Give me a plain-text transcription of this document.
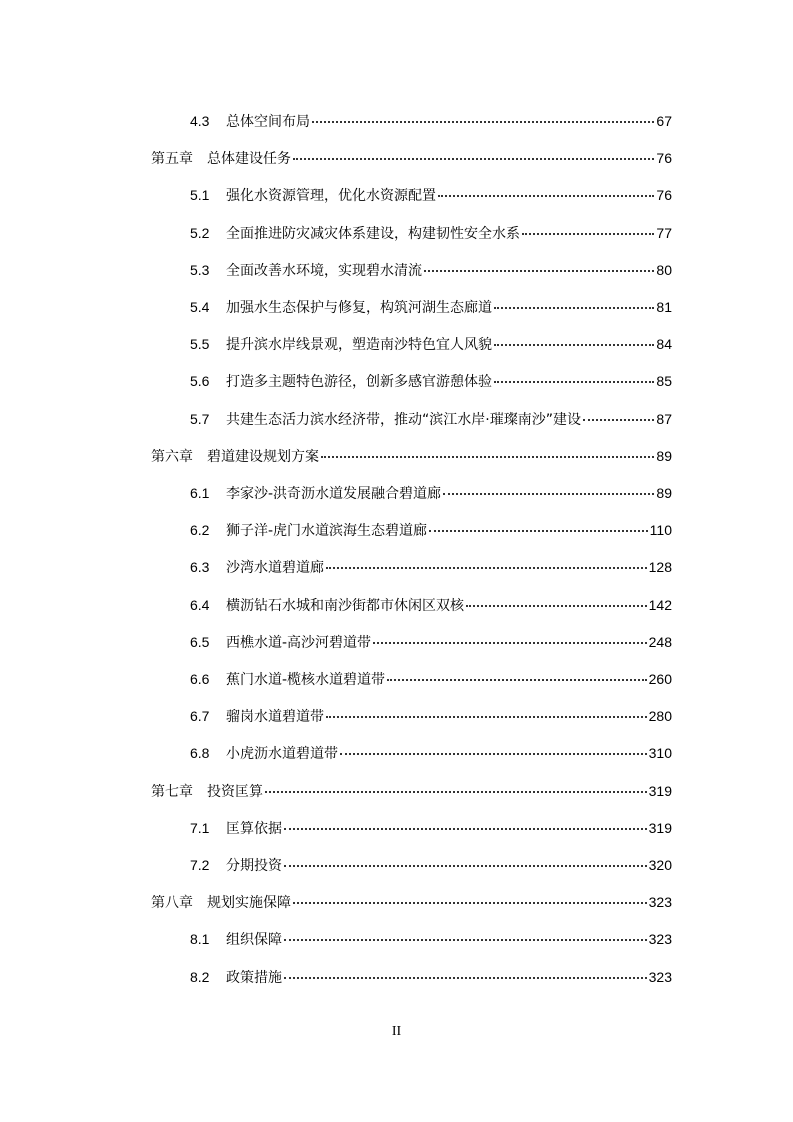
4.3	总体空间布局	67
第五章 总体建设任务	76
5.1	强化水资源管理，优化水资源配置	76
5.2	全面推进防灾减灾体系建设，构建韧性安全水系	77
5.3	全面改善水环境，实现碧水清流	80
5.4	加强水生态保护与修复，构筑河湖生态廊道	81
5.5	提升滨水岸线景观，塑造南沙特色宜人风貌	84
5.6	打造多主题特色游径，创新多感官游憩体验	85
5.7	共建生态活力滨水经济带，推动“滨江水岸·璀璨南沙”建设	87
第六章 碧道建设规划方案	89
6.1	李家沙-洪奇沥水道发展融合碧道廊	89
6.2	狮子洋-虎门水道滨海生态碧道廊	110
6.3	沙湾水道碧道廊	128
6.4	横沥钻石水城和南沙街都市休闲区双核	142
6.5	西樵水道-高沙河碧道带	248
6.6	蕉门水道-榄核水道碧道带	260
6.7	骝岗水道碧道带	280
6.8	小虎沥水道碧道带	310
第七章 投资匡算	319
7.1	匡算依据	319
7.2	分期投资	320
第八章 规划实施保障	323
8.1	组织保障	323
8.2	政策措施	323
II
